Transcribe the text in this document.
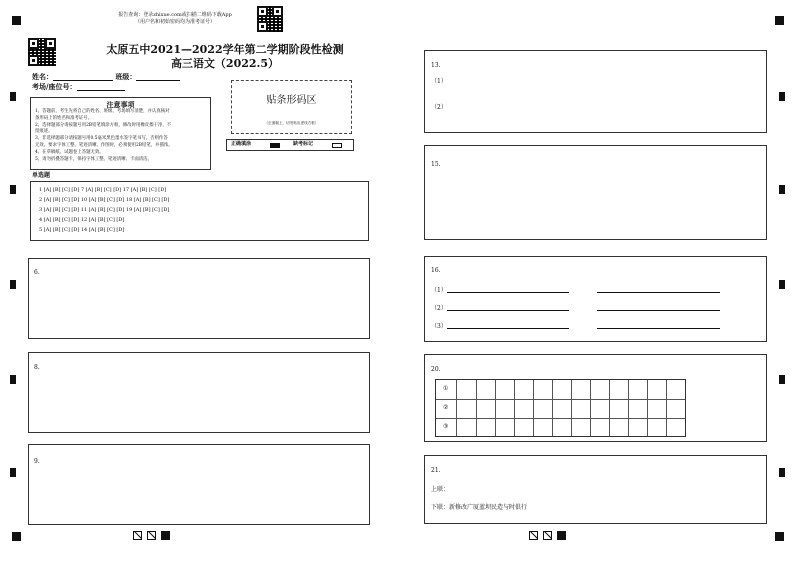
报告查询：登录zhixue.com或扫描二维码下载App
（用户名和初始密码均为准考证号）
太原五中2021—2022学年第二学期阶段性检测
高三语文（2022.5）
姓名：	班级：
考场/座位号：
注意事项
1、答题前，考生先将自己的姓名、班级、考场填写清楚，并认真核对
条形码上的姓名和准考证号。
2、选择题部分请按题号用2B铅笔填涂方框，修改时用橡皮擦干净，不
留痕迹。
3、非选择题部分请按题号用0.5毫米黑色墨水签字笔书写，否则作答
无效。要求字体工整、笔迹清晰。作图时，必须使用2B铅笔，并描浓。
4、在草稿纸、试题卷上答题无效。
5、请勿折叠答题卡，保持字体工整、笔迹清晰、卡面清洁。
贴条形码区
（正面朝上，切勿贴出虚线方框）
正确填涂	缺考标记
单选题
1 [A] [B] [C] [D] 7 [A] [B] [C] [D] 17 [A] [B] [C] [D]
2 [A] [B] [C] [D] 10 [A] [B] [C] [D] 18 [A] [B] [C] [D]
3 [A] [B] [C] [D] 11 [A] [B] [C] [D] 19 [A] [B] [C] [D]
4 [A] [B] [C] [D] 12 [A] [B] [C] [D]
5 [A] [B] [C] [D] 14 [A] [B] [C] [D]
6.
8.
9.
13.
（1）
（2）
15.
16.
（1）
（2）
（3）
20.
①
②
③
21.
上联：
下联：新修改广厦蓝坝民造与时俱行
